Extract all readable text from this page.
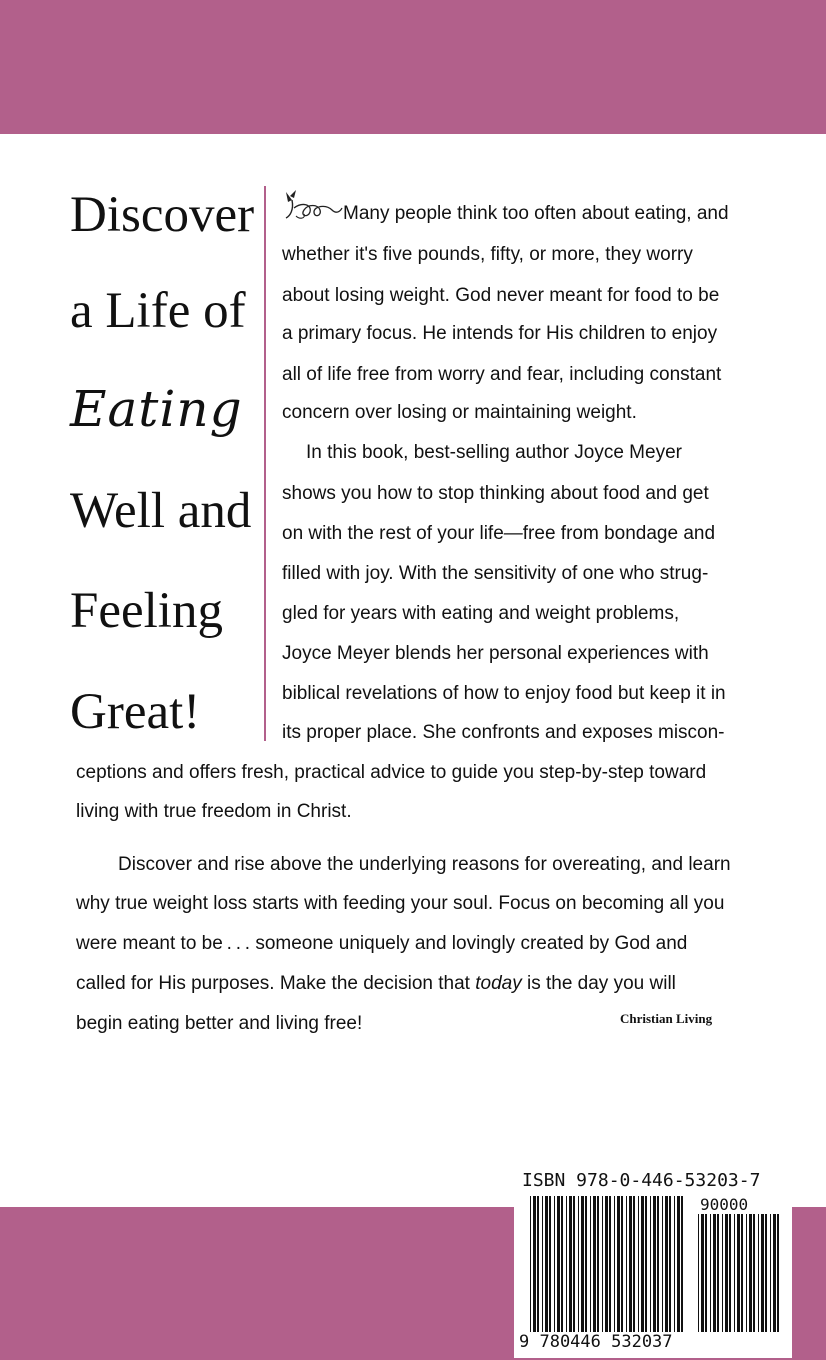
Discover
a Life of
Eating
Well and
Feeling
Great!
Many people think too often about eating, and
whether it's five pounds, fifty, or more, they worry
about losing weight. God never meant for food to be
a primary focus. He intends for His children to enjoy
all of life free from worry and fear, including constant
concern over losing or maintaining weight.
In this book, best-selling author Joyce Meyer
shows you how to stop thinking about food and get
on with the rest of your life—free from bondage and
filled with joy. With the sensitivity of one who strug-
gled for years with eating and weight problems,
Joyce Meyer blends her personal experiences with
biblical revelations of how to enjoy food but keep it in
its proper place. She confronts and exposes miscon-
ceptions and offers fresh, practical advice to guide you step-by-step toward
living with true freedom in Christ.
Discover and rise above the underlying reasons for overeating, and learn
why true weight loss starts with feeding your soul. Focus on becoming all you
were meant to be . . . someone uniquely and lovingly created by God and
called for His purposes. Make the decision that today is the day you will
begin eating better and living free!	Christian Living
ISBN 978-0-446-53203-7
90000
9 780446 532037
